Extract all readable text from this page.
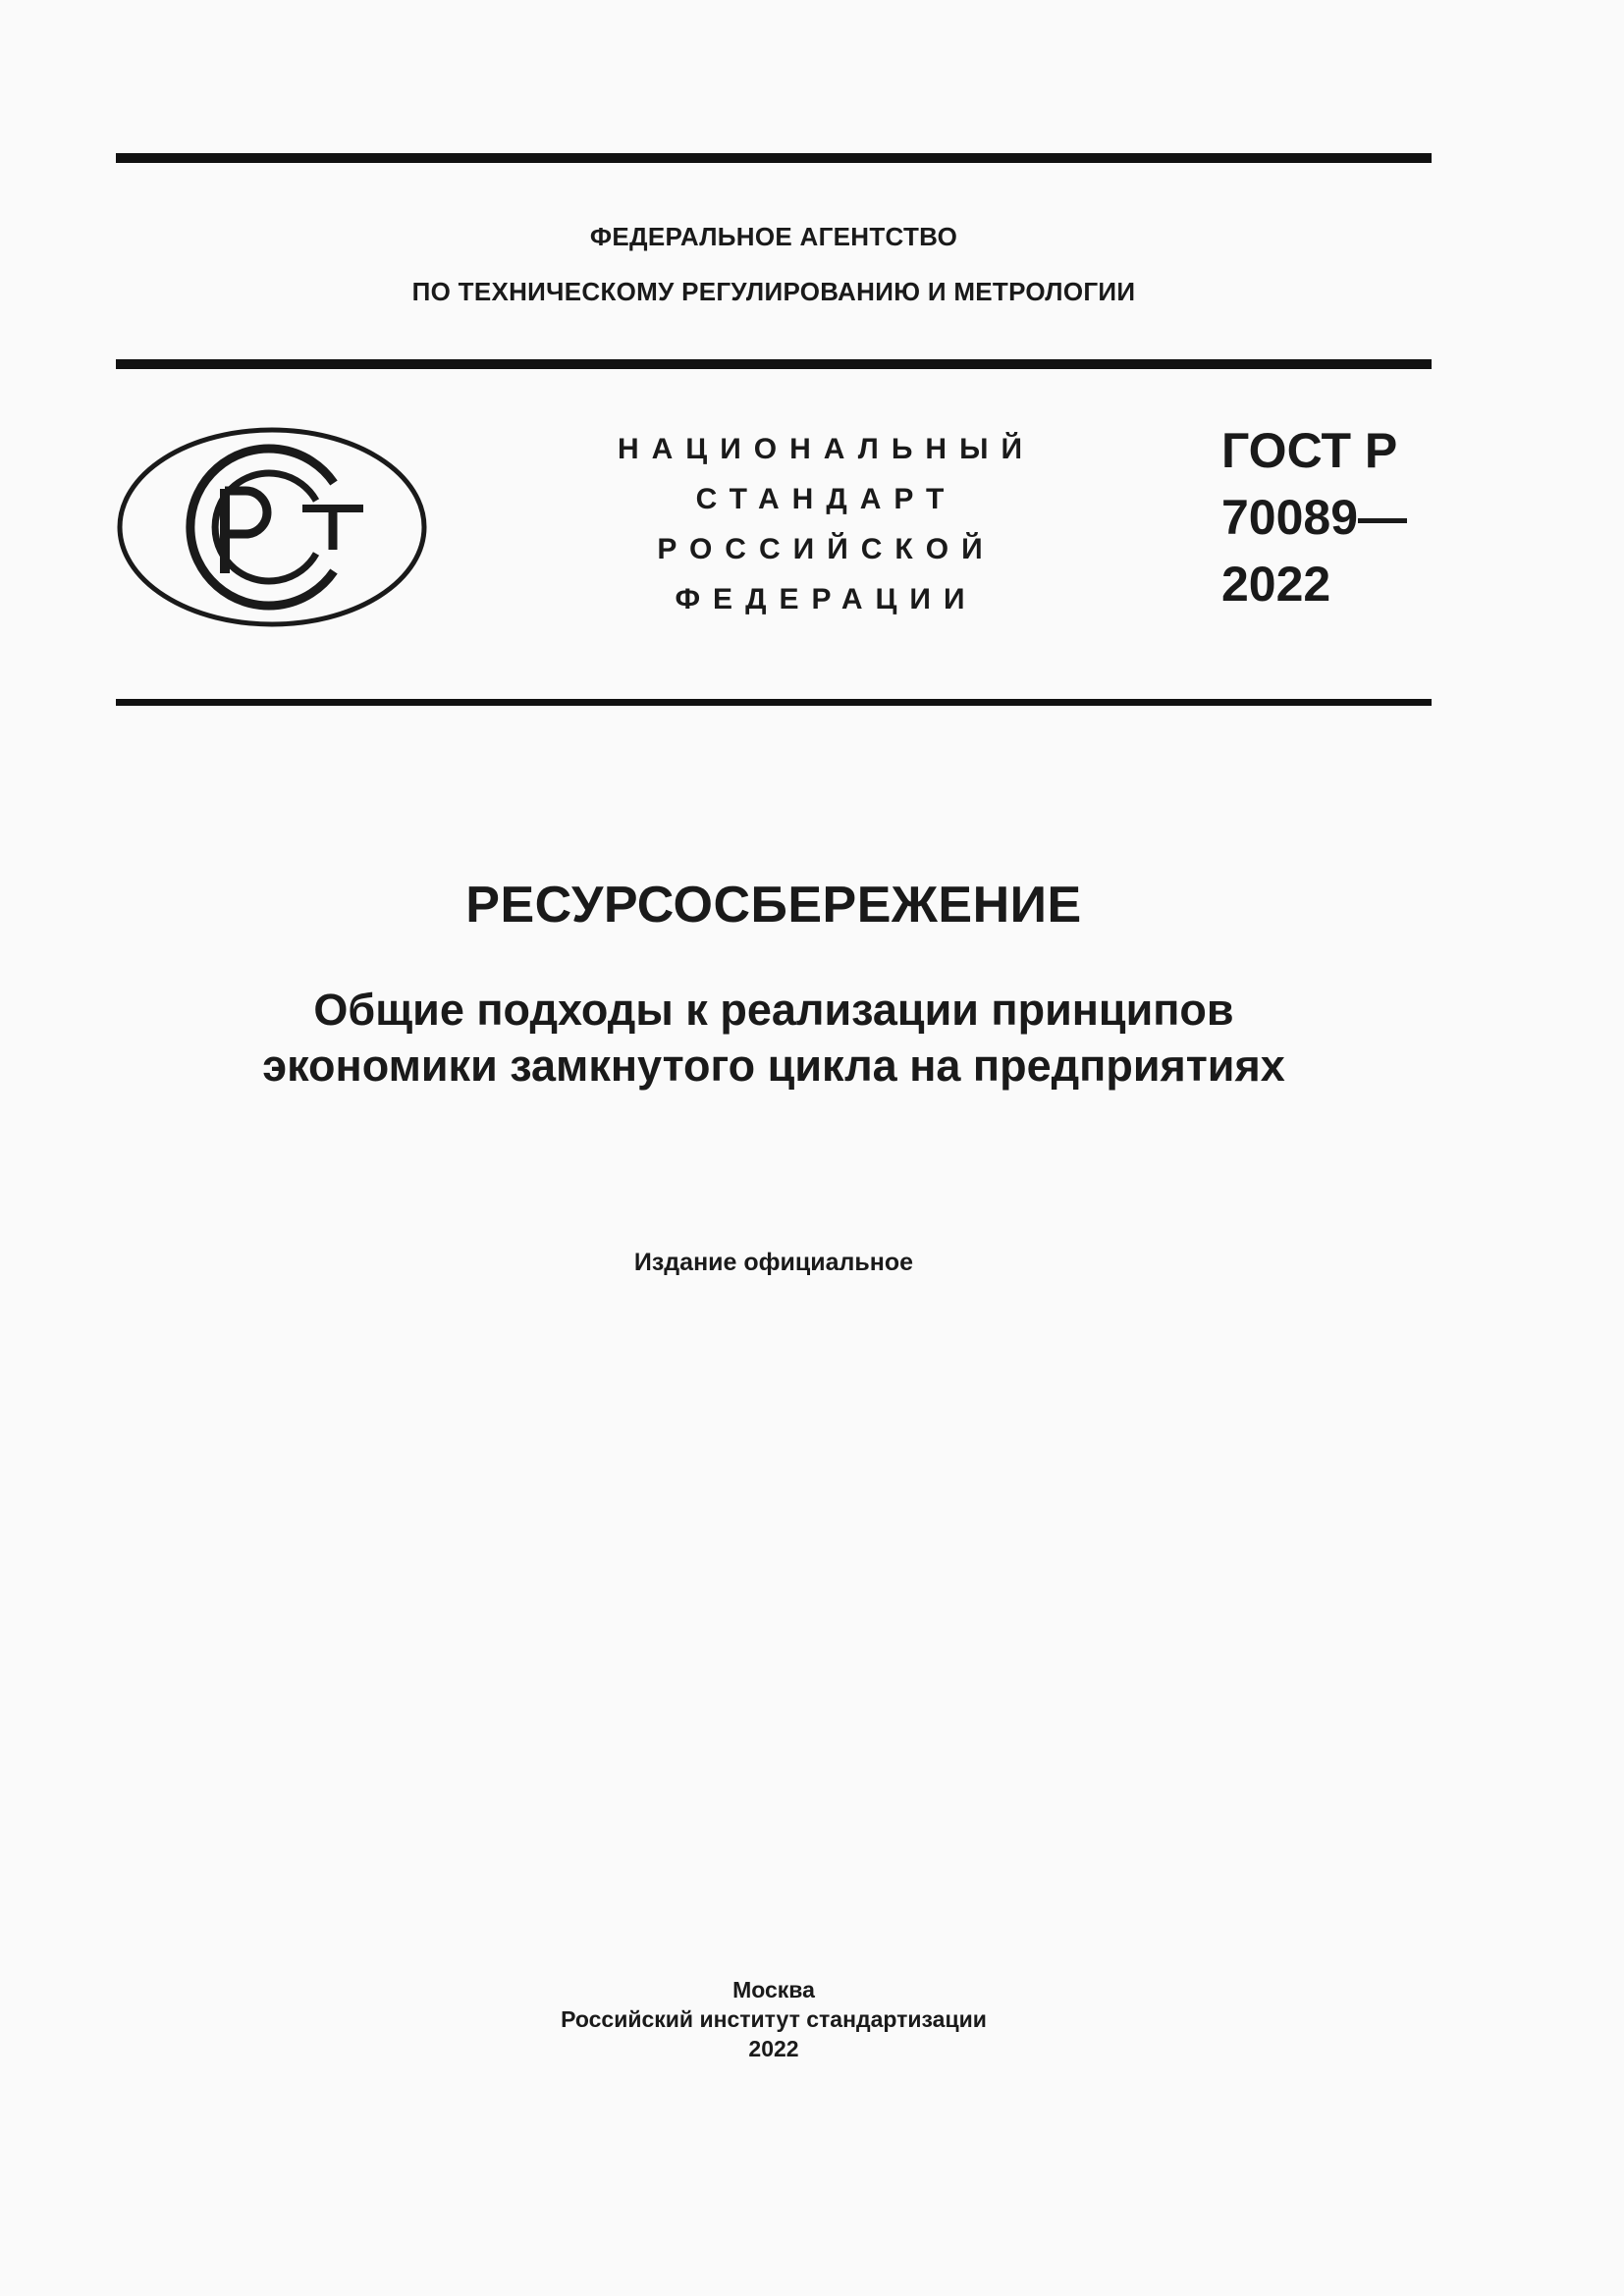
ФЕДЕРАЛЬНОЕ АГЕНТСТВО
ПО ТЕХНИЧЕСКОМУ РЕГУЛИРОВАНИЮ И МЕТРОЛОГИИ
НАЦИОНАЛЬНЫЙ
СТАНДАРТ
РОССИЙСКОЙ
ФЕДЕРАЦИИ
ГОСТ Р
70089—
2022
РЕСУРСОСБЕРЕЖЕНИЕ
Общие подходы к реализации принципов
экономики замкнутого цикла на предприятиях
Издание официальное
Москва
Российский институт стандартизации
2022
